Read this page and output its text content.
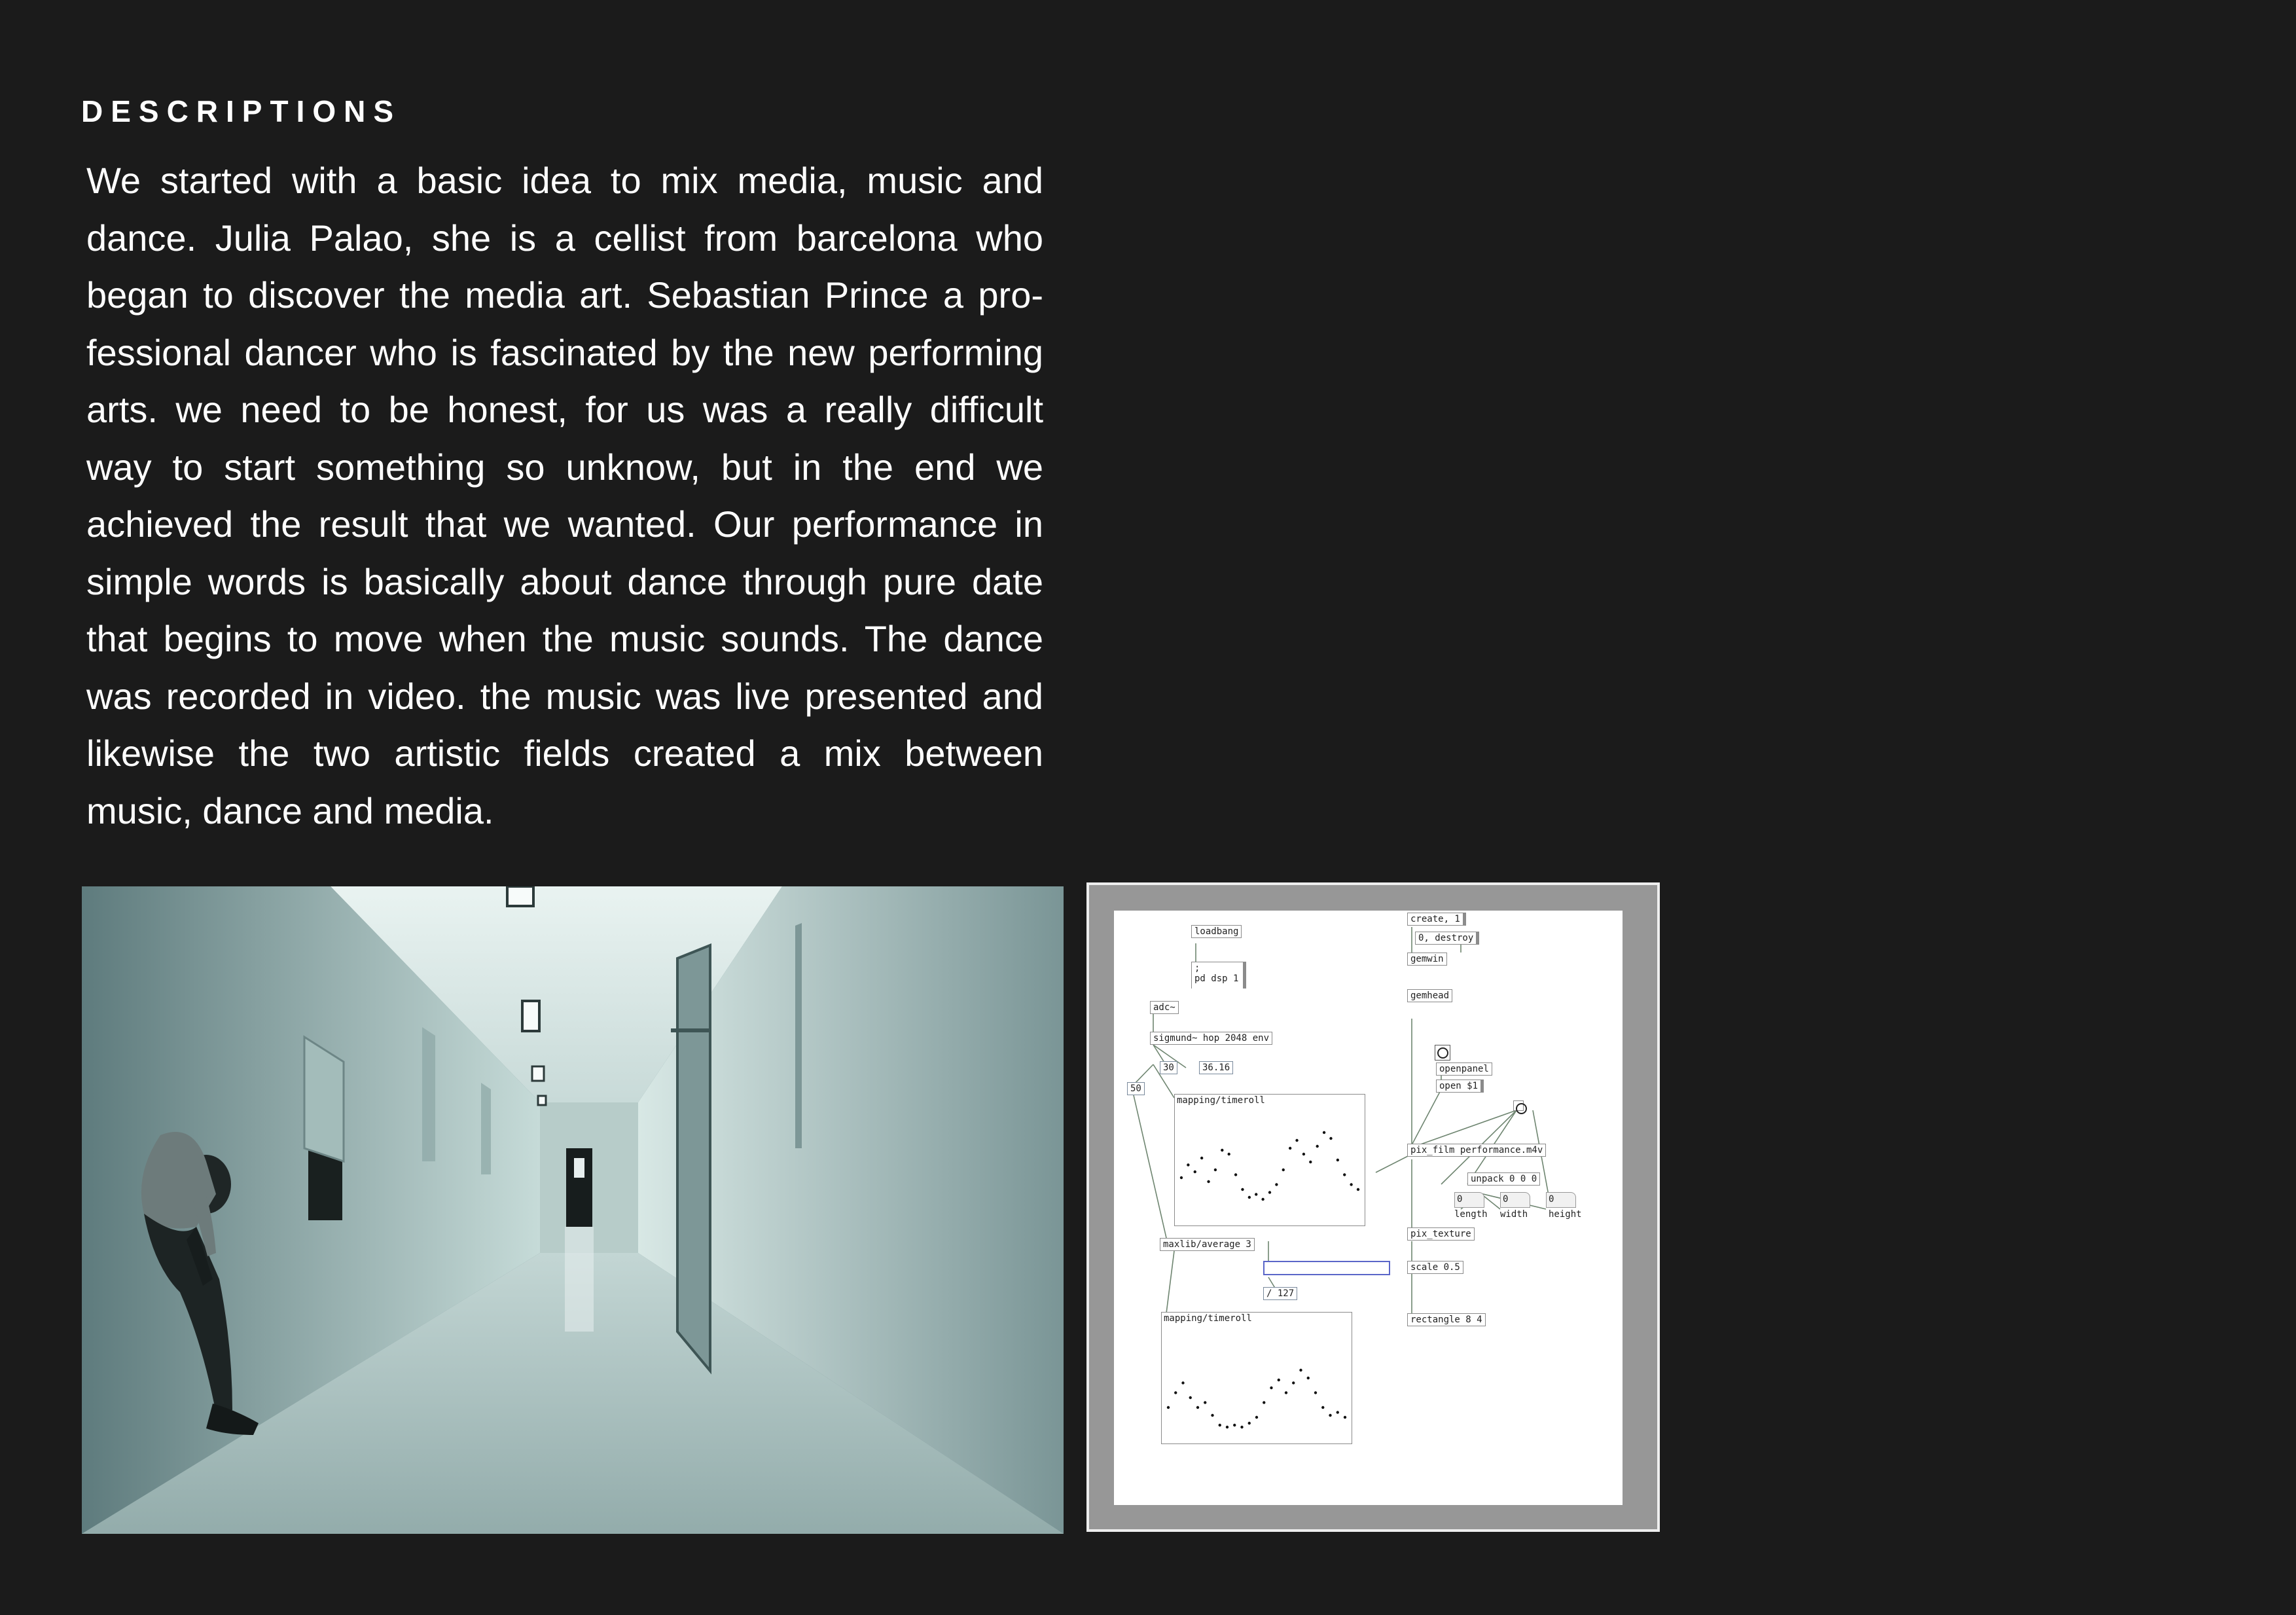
DESCRIPTIONS

We started with a basic idea to mix media, music and
dance. Julia Palao, she is a cellist from barcelona who
began to discover the media art. Sebastian Prince a pro-
fessional dancer who is fascinated by the new performing
arts. we need to be honest, for us was a really difficult
way to start something so unknow, but in the end we
achieved the result that we wanted. Our performance in
simple words is basically about dance through pure date
that begins to move when the music sounds. The dance
was recorded in video. the music was live presented and
likewise the two artistic fields created a mix between
music, dance and media.

loadbang
;
pd dsp 1
adc~
sigmund~ hop 2048 env
30	36.16
50
mapping/timeroll
maxlib/average 3
/ 127
mapping/timeroll
create, 1
0, destroy
gemwin
gemhead
openpanel
open $1
pix_film performance.m4v
unpack 0 0 0
0	0	0
length width height
pix_texture
scale 0.5
rectangle 8 4
